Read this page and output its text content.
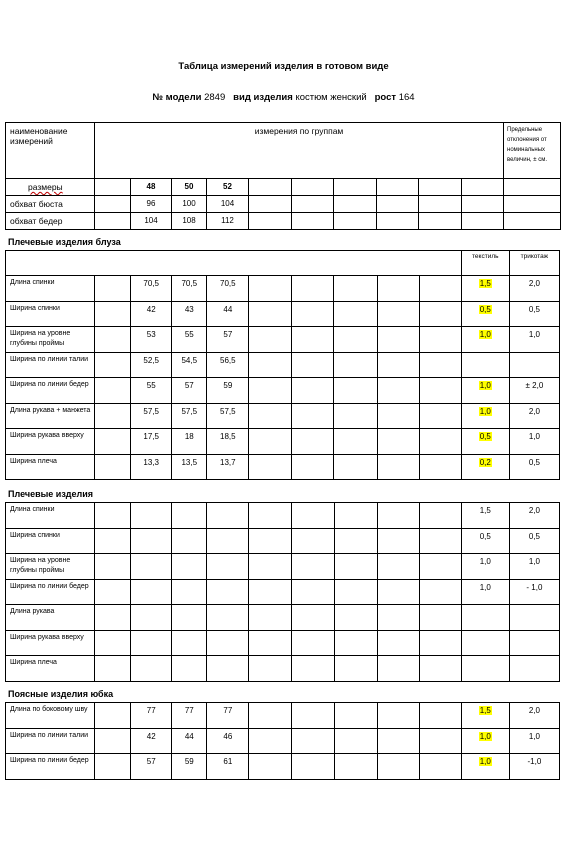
Таблица измерений изделия в готовом виде
№ модели 2849 вид изделия костюм женский рост 164
наименование измерений	измерения по группам										Предельные отклонения от номинальных величин, ± см.
размеры		48	50	52							
обхват бюста		96	100	104							
обхват бедер		104	108	112							
Плечевые изделия блуза
										текстиль	трикотаж
Длина спинки		70,5	70,5	70,5						1,5	2,0
Ширина спинки		42	43	44						0,5	0,5
Ширина на уровне глубины проймы		53	55	57						1,0	1,0
Ширина по линии талии		52,5	54,5	56,5							
Ширина по линии бедер		55	57	59						1,0	± 2,0
Длина рукава + манжета		57,5	57,5	57,5						1,0	2,0
Ширина рукава вверху		17,5	18	18,5						0,5	1,0
Ширина плеча		13,3	13,5	13,7						0,2	0,5
Плечевые изделия
Длина спинки										1,5	2,0
Ширина спинки										0,5	0,5
Ширина на уровне глубины проймы										1,0	1,0
Ширина по линии бедер										1,0	- 1,0
Длина рукава											
Ширина рукава вверху											
Ширина плеча											
Поясные изделия юбка
Длина по боковому шву		77	77	77						1,5	2,0
Ширина по линии талии		42	44	46						1,0	1,0
Ширина по линии бедер		57	59	61						1,0	-1,0
